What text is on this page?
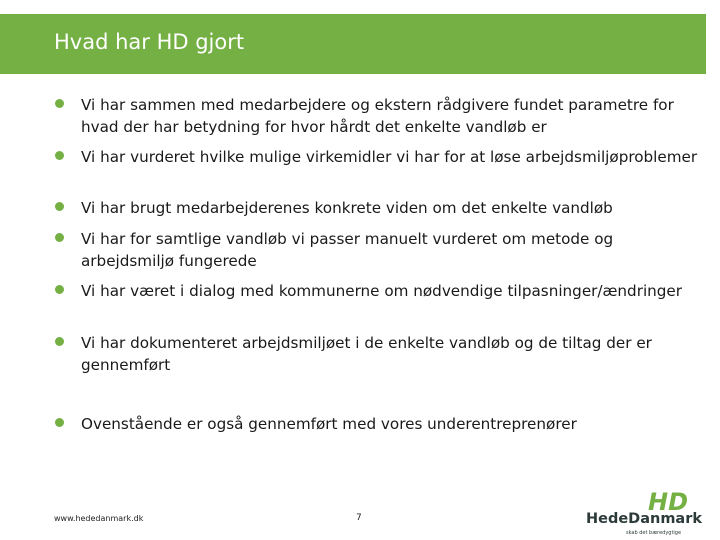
Hvad har HD gjort
Vi har sammen med medarbejdere og ekstern rådgivere fundet parametre for hvad der har betydning for hvor hårdt det enkelte vandløb er
Vi har vurderet hvilke mulige virkemidler vi har for at løse arbejdsmiljøproblemer
Vi har brugt medarbejderenes konkrete viden om det enkelte vandløb
Vi har for samtlige vandløb vi passer manuelt vurderet om metode og arbejdsmiljø fungerede
Vi har været i dialog med kommunerne om nødvendige tilpasninger/ændringer
Vi har dokumenteret arbejdsmiljøet i de enkelte vandløb og de tiltag der er gennemført
Ovenstående er også gennemført med vores underentreprenører
www.hededanmark.dk	7
HD
HedeDanmark
skab det bæredygtige
